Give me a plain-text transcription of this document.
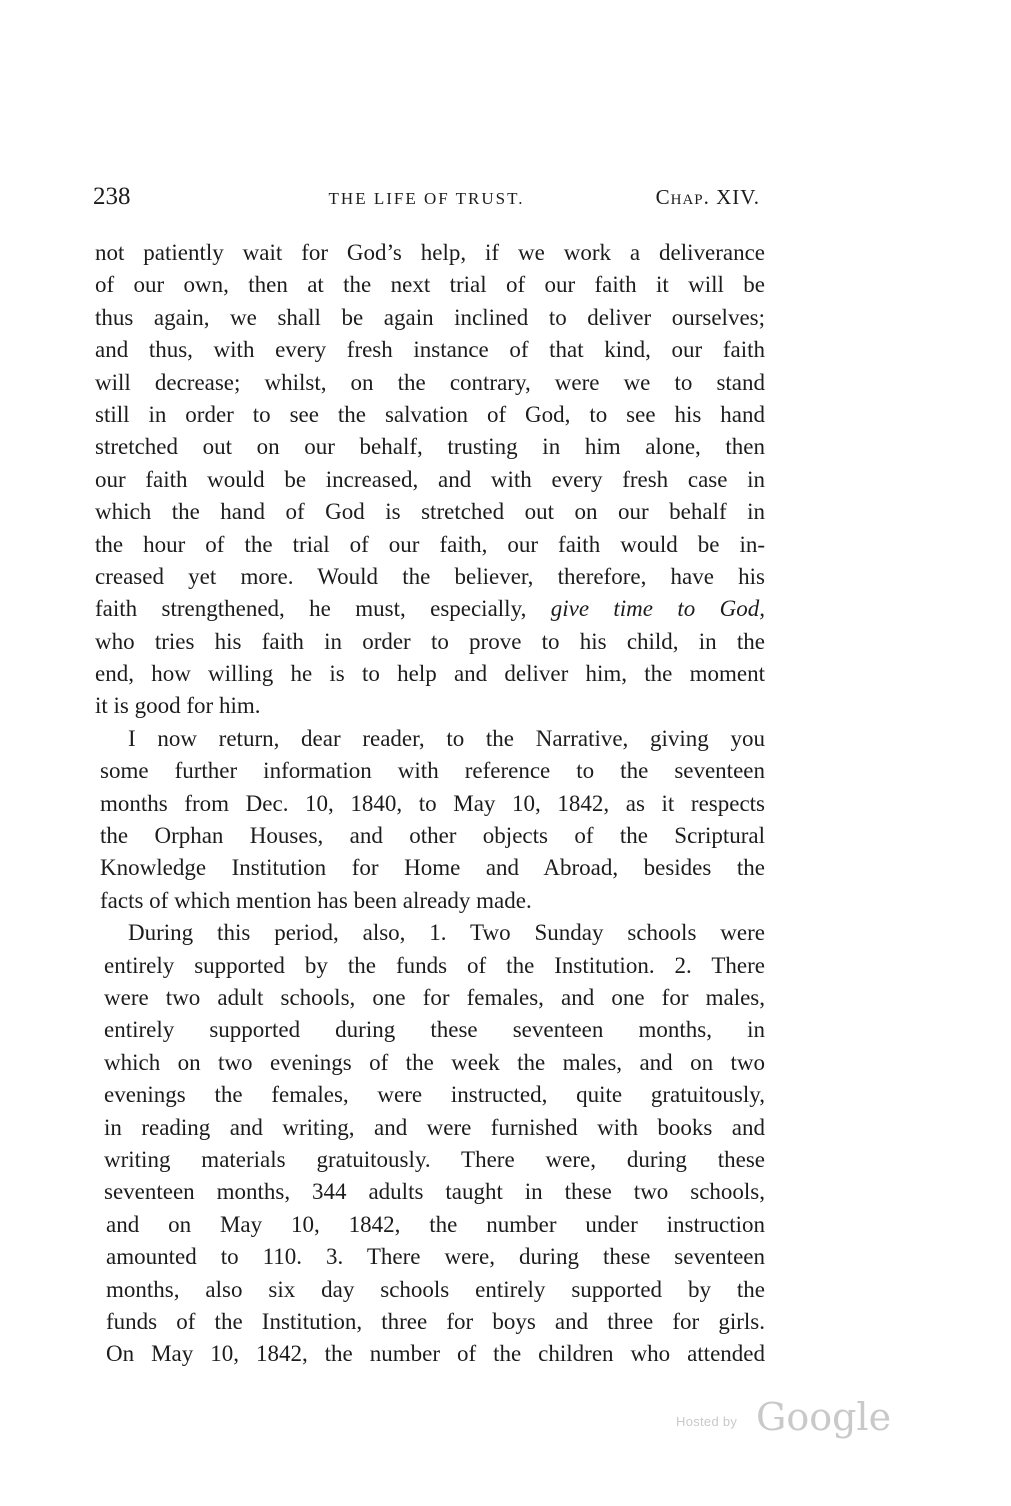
238	THE LIFE OF TRUST.	Chap. XIV.
not patiently wait for God’s help, if we work a deliverance
of our own, then at the next trial of our faith it will be
thus again, we shall be again inclined to deliver ourselves;
and thus, with every fresh instance of that kind, our faith
will decrease; whilst, on the contrary, were we to stand
still in order to see the salvation of God, to see his hand
stretched out on our behalf, trusting in him alone, then
our faith would be increased, and with every fresh case in
which the hand of God is stretched out on our behalf in
the hour of the trial of our faith, our faith would be in-
creased yet more. Would the believer, therefore, have his
faith strengthened, he must, especially, give time to God,
who tries his faith in order to prove to his child, in the
end, how willing he is to help and deliver him, the moment
it is good for him.
I now return, dear reader, to the Narrative, giving you
some further information with reference to the seventeen
months from Dec. 10, 1840, to May 10, 1842, as it respects
the Orphan Houses, and other objects of the Scriptural
Knowledge Institution for Home and Abroad, besides the
facts of which mention has been already made.
During this period, also, 1. Two Sunday schools were
entirely supported by the funds of the Institution. 2. There
were two adult schools, one for females, and one for males,
entirely supported during these seventeen months, in
which on two evenings of the week the males, and on two
evenings the females, were instructed, quite gratuitously,
in reading and writing, and were furnished with books and
writing materials gratuitously. There were, during these
seventeen months, 344 adults taught in these two schools,
and on May 10, 1842, the number under instruction
amounted to 110. 3. There were, during these seventeen
months, also six day schools entirely supported by the
funds of the Institution, three for boys and three for girls.
On May 10, 1842, the number of the children who attended
Hosted by Google
